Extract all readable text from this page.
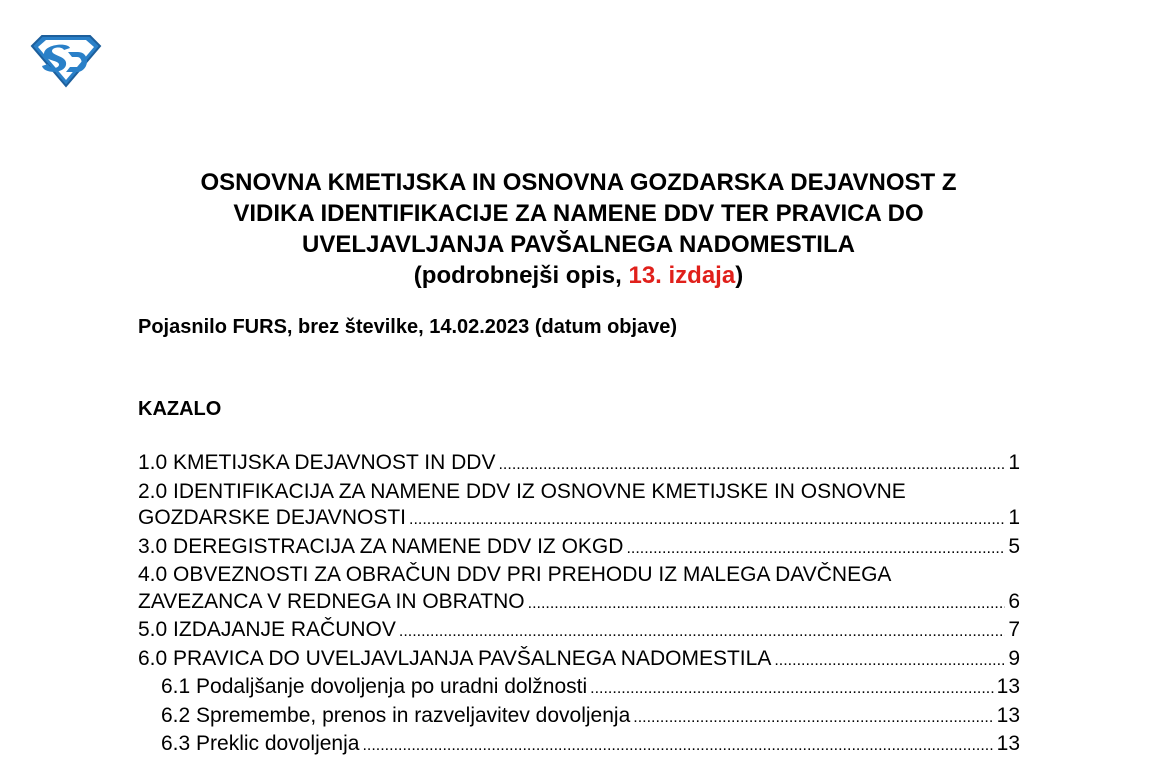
OSNOVNA KMETIJSKA IN OSNOVNA GOZDARSKA DEJAVNOST Z
VIDIKA IDENTIFIKACIJE ZA NAMENE DDV TER PRAVICA DO
UVELJAVLJANJA PAVŠALNEGA NADOMESTILA
(podrobnejši opis, 13. izdaja)
Pojasnilo FURS, brez številke, 14.02.2023 (datum objave)
KAZALO
1.0 KMETIJSKA DEJAVNOST IN DDV .....	1
2.0 IDENTIFIKACIJA ZA NAMENE DDV IZ OSNOVNE KMETIJSKE IN OSNOVNE
GOZDARSKE DEJAVNOSTI .....	1
3.0 DEREGISTRACIJA ZA NAMENE DDV IZ OKGD .....	5
4.0 OBVEZNOSTI ZA OBRAČUN DDV PRI PREHODU IZ MALEGA DAVČNEGA
ZAVEZANCA V REDNEGA IN OBRATNO .....	6
5.0 IZDAJANJE RAČUNOV .....	7
6.0 PRAVICA DO UVELJAVLJANJA PAVŠALNEGA NADOMESTILA .....	9
6.1 Podaljšanje dovoljenja po uradni dolžnosti .....	13
6.2 Spremembe, prenos in razveljavitev dovoljenja .....	13
6.3 Preklic dovoljenja .....	13
